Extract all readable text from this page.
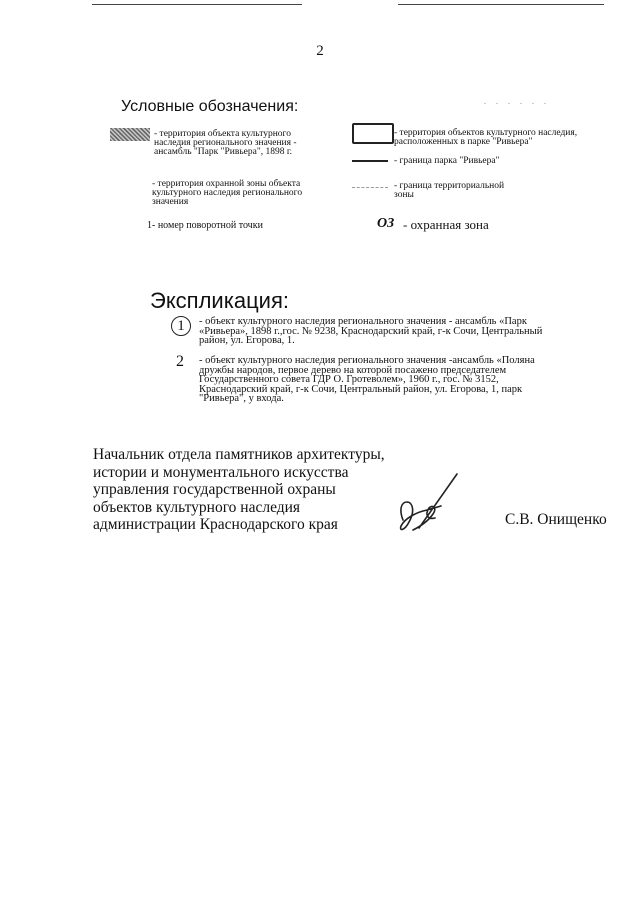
2
Условные обозначения:	. . . . . .
- территория объекта культурного наследия регионального значения - ансамбль "Парк "Ривьера", 1898 г.
- территория объектов культурного наследия, расположенных в парке "Ривьера"
- граница парка "Ривьера"
- территория охранной зоны объекта культурного наследия регионального значения
- граница территориальной зоны
1- номер поворотной точки	ОЗ - охранная зона
Экспликация:
1	- объект культурного наследия регионального значения - ансамбль «Парк «Ривьера», 1898 г.,гос. № 9238, Краснодарский край, г-к Сочи, Центральный район, ул. Егорова, 1.
2 - объект культурного наследия регионального значения -ансамбль «Поляна дружбы народов, первое дерево на которой посажено председателем Государственного совета ГДР О. Гротеволем», 1960 г., гос. № 3152, Краснодарский край, г-к Сочи, Центральный район, ул. Егорова, 1, парк "Ривьера", у входа.
Начальник отдела памятников архитектуры,
истории и монументального искусства
управления государственной охраны
объектов культурного наследия
администрации Краснодарского края	С.В. Онищенко
